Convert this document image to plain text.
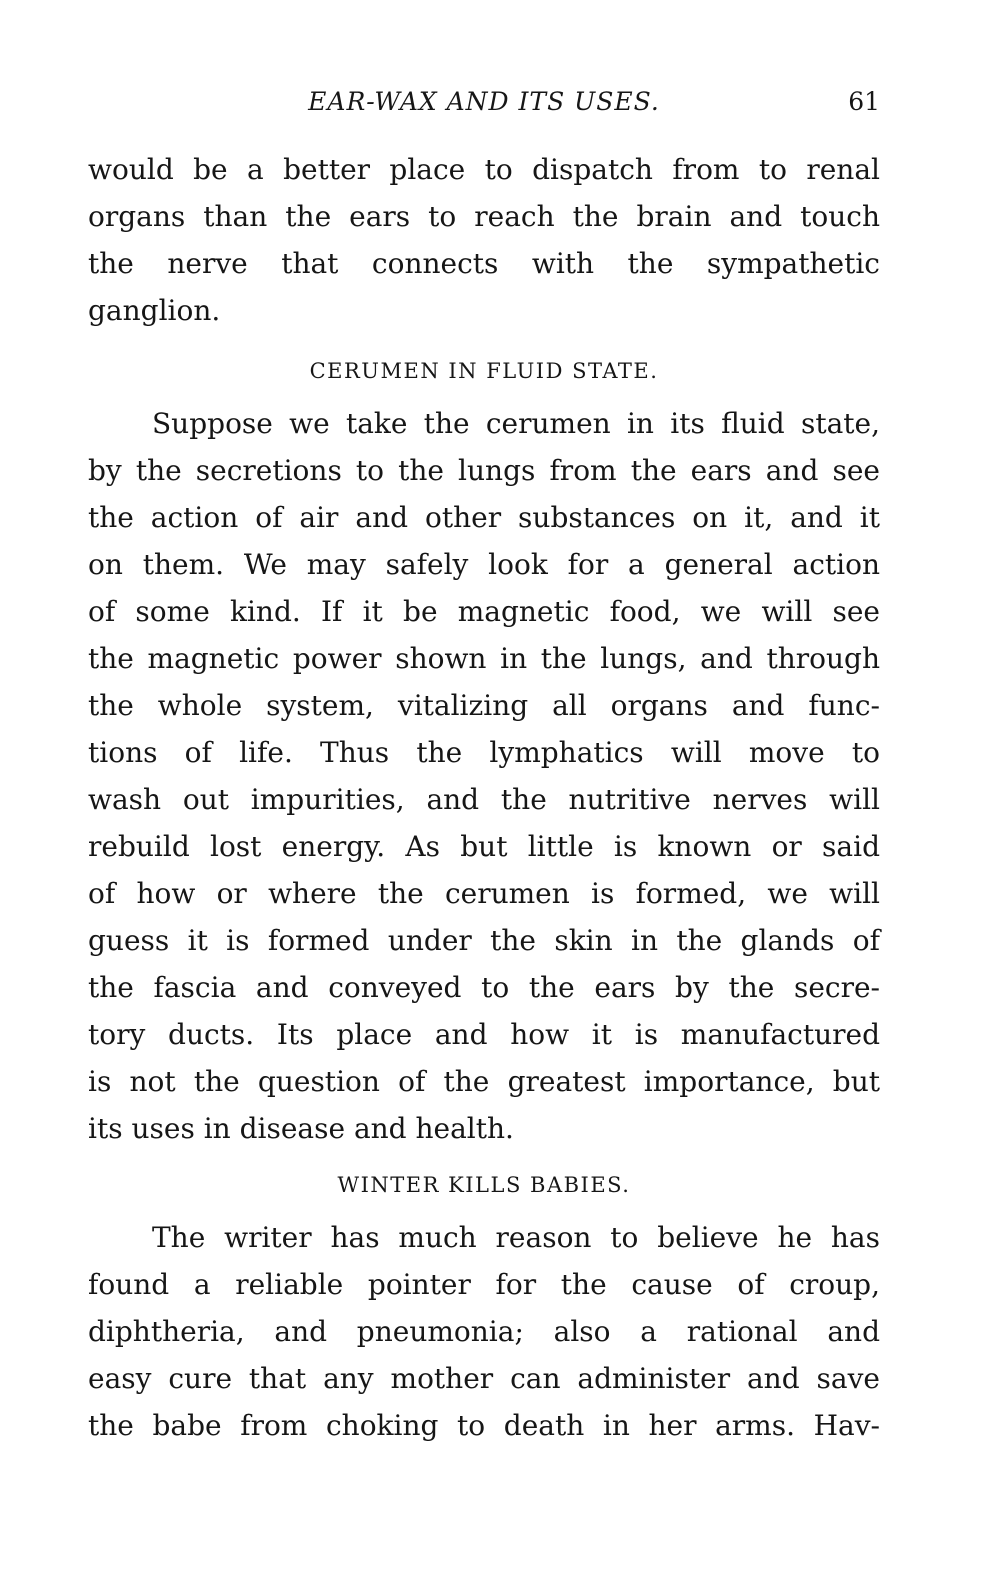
EAR-WAX AND ITS USES.	61
would be a better place to dispatch from to renal
organs than the ears to reach the brain and touch
the nerve that connects with the sympathetic
ganglion.
CERUMEN IN FLUID STATE.
Suppose we take the cerumen in its fluid state,
by the secretions to the lungs from the ears and see
the action of air and other substances on it, and it
on them. We may safely look for a general action
of some kind. If it be magnetic food, we will see
the magnetic power shown in the lungs, and through
the whole system, vitalizing all organs and func-
tions of life. Thus the lymphatics will move to
wash out impurities, and the nutritive nerves will
rebuild lost energy. As but little is known or said
of how or where the cerumen is formed, we will
guess it is formed under the skin in the glands of
the fascia and conveyed to the ears by the secre-
tory ducts. Its place and how it is manufactured
is not the question of the greatest importance, but
its uses in disease and health.
WINTER KILLS BABIES.
The writer has much reason to believe he has
found a reliable pointer for the cause of croup,
diphtheria, and pneumonia; also a rational and
easy cure that any mother can administer and save
the babe from choking to death in her arms. Hav-
